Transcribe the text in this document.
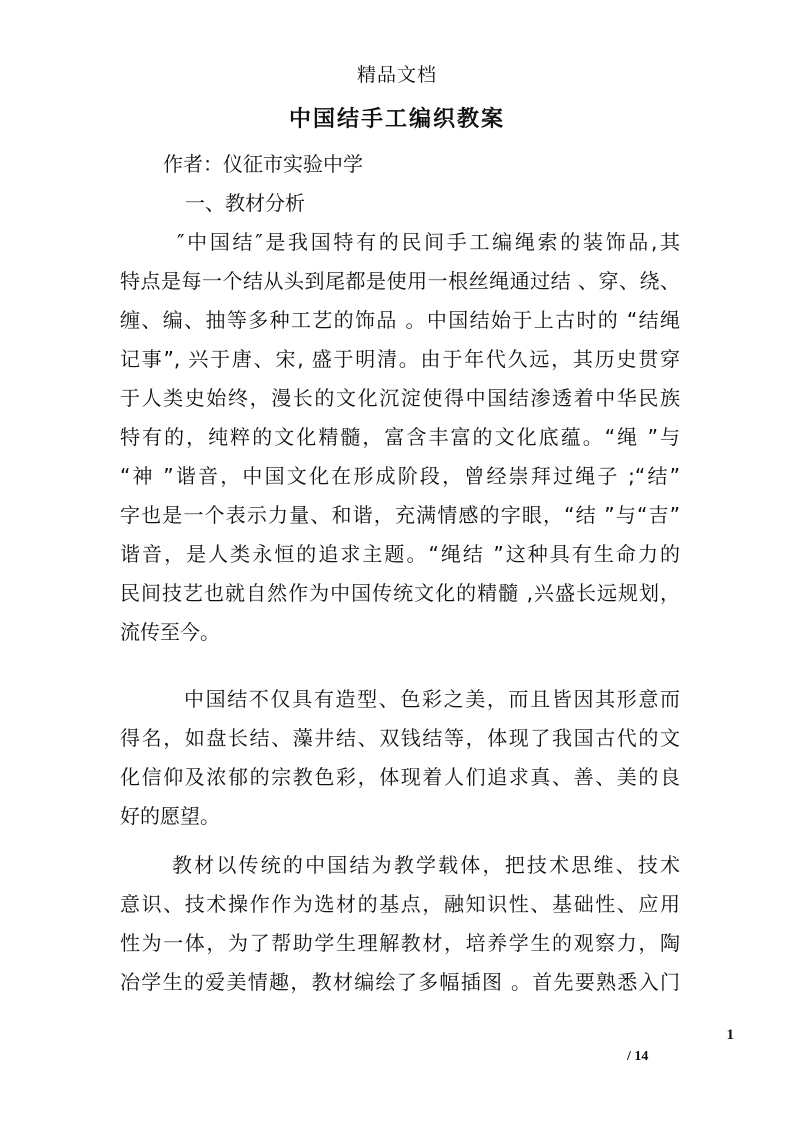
精品文档
中国结手工编织教案
作者：仪征市实验中学
一、教材分析
″中国结″是我国特有的民间手工编绳索的装饰品,其
特点是每一个结从头到尾都是使用一根丝绳通过结 、穿、绕、
缠、编、抽等多种工艺的饰品 。中国结始于上古时的 “结绳
记事”, 兴于唐、宋, 盛于明清。由于年代久远，其历史贯穿
于人类史始终，漫长的文化沉淀使得中国结渗透着中华民族
特有的，纯粹的文化精髓，富含丰富的文化底蕴。“绳 ”与
“神 ”谐音，中国文化在形成阶段，曾经崇拜过绳子 ;“结”
字也是一个表示力量、和谐，充满情感的字眼，“结 ”与“吉”
谐音，是人类永恒的追求主题。“绳结 ”这种具有生命力的
民间技艺也就自然作为中国传统文化的精髓 ,兴盛长远规划，
流传至今。
中国结不仅具有造型、色彩之美，而且皆因其形意而
得名，如盘长结、藻井结、双钱结等，体现了我国古代的文
化信仰及浓郁的宗教色彩，体现着人们追求真、善、美的良
好的愿望。
教材以传统的中国结为教学载体，把技术思维、技术
意识、技术操作作为选材的基点，融知识性、基础性、应用
性为一体，为了帮助学生理解教材，培养学生的观察力，陶
冶学生的爱美情趣，教材编绘了多幅插图 。首先要熟悉入门
1
/ 14
